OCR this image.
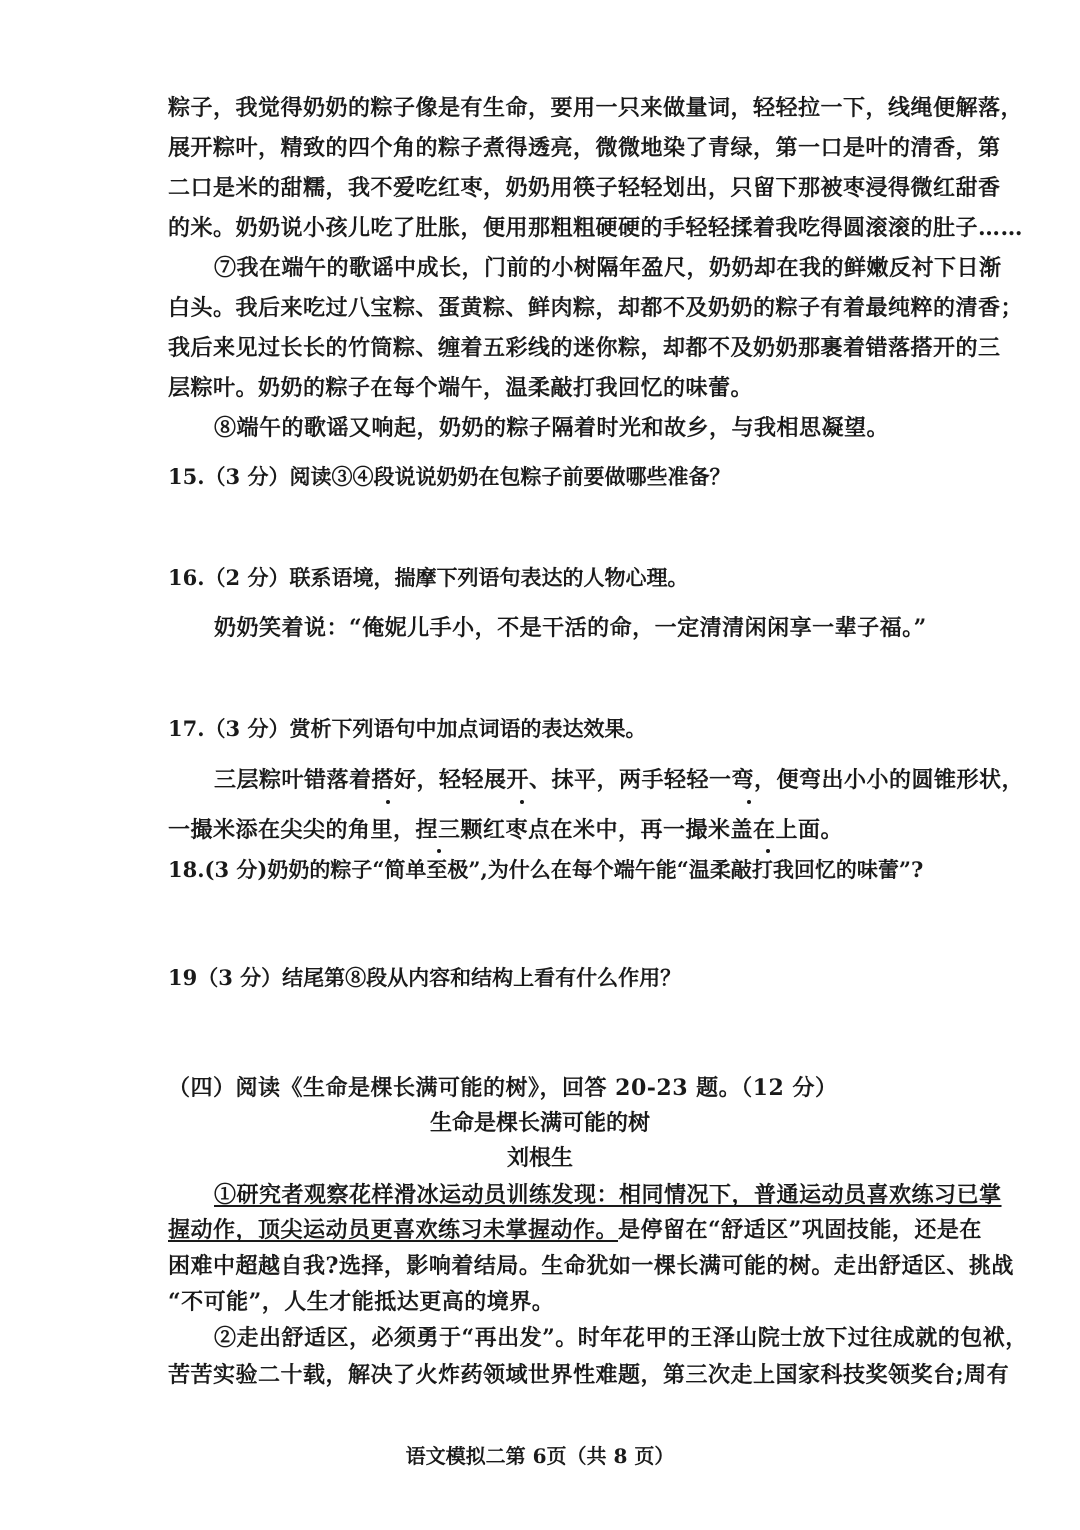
粽子，我觉得奶奶的粽子像是有生命，要用一只来做量词，轻轻拉一下，线绳便解落，
展开粽叶，精致的四个角的粽子煮得透亮，微微地染了青绿，第一口是叶的清香，第
二口是米的甜糯，我不爱吃红枣，奶奶用筷子轻轻划出，只留下那被枣浸得微红甜香
的米。奶奶说小孩儿吃了肚胀，便用那粗粗硬硬的手轻轻揉着我吃得圆滚滚的肚子……
⑦我在端午的歌谣中成长，门前的小树隔年盈尺，奶奶却在我的鲜嫩反衬下日渐
白头。我后来吃过八宝粽、蛋黄粽、鲜肉粽，却都不及奶奶的粽子有着最纯粹的清香；
我后来见过长长的竹筒粽、缠着五彩线的迷你粽，却都不及奶奶那裹着错落搭开的三
层粽叶。奶奶的粽子在每个端午，温柔敲打我回忆的味蕾。
⑧端午的歌谣又响起，奶奶的粽子隔着时光和故乡，与我相思凝望。
15.（3 分）阅读③④段说说奶奶在包粽子前要做哪些准备？
16.（2 分）联系语境，揣摩下列语句表达的人物心理。
奶奶笑着说：“俺妮儿手小，不是干活的命，一定清清闲闲享一辈子福。”
17.（3 分）赏析下列语句中加点词语的表达效果。
三层粽叶错落着搭好，轻轻展开、抹平，两手轻轻一弯，便弯出小小的圆锥形状，
一撮米添在尖尖的角里，捏三颗红枣点在米中，再一撮米盖在上面。
18.(3 分)奶奶的粽子“简单至极”,为什么在每个端午能“温柔敲打我回忆的味蕾”?
19（3 分）结尾第⑧段从内容和结构上看有什么作用？
（四）阅读《生命是棵长满可能的树》，回答 20-23 题。（12 分）
生命是棵长满可能的树
刘根生
①研究者观察花样滑冰运动员训练发现：相同情况下，普通运动员喜欢练习已掌
握动作，顶尖运动员更喜欢练习未掌握动作。是停留在“舒适区”巩固技能，还是在
困难中超越自我?选择，影响着结局。生命犹如一棵长满可能的树。走出舒适区、挑战
“不可能”，人生才能抵达更高的境界。
②走出舒适区，必须勇于“再出发”。时年花甲的王泽山院士放下过往成就的包袱，
苦苦实验二十载，解决了火炸药领域世界性难题，第三次走上国家科技奖领奖台;周有
语文模拟二第 6页（共 8 页）
